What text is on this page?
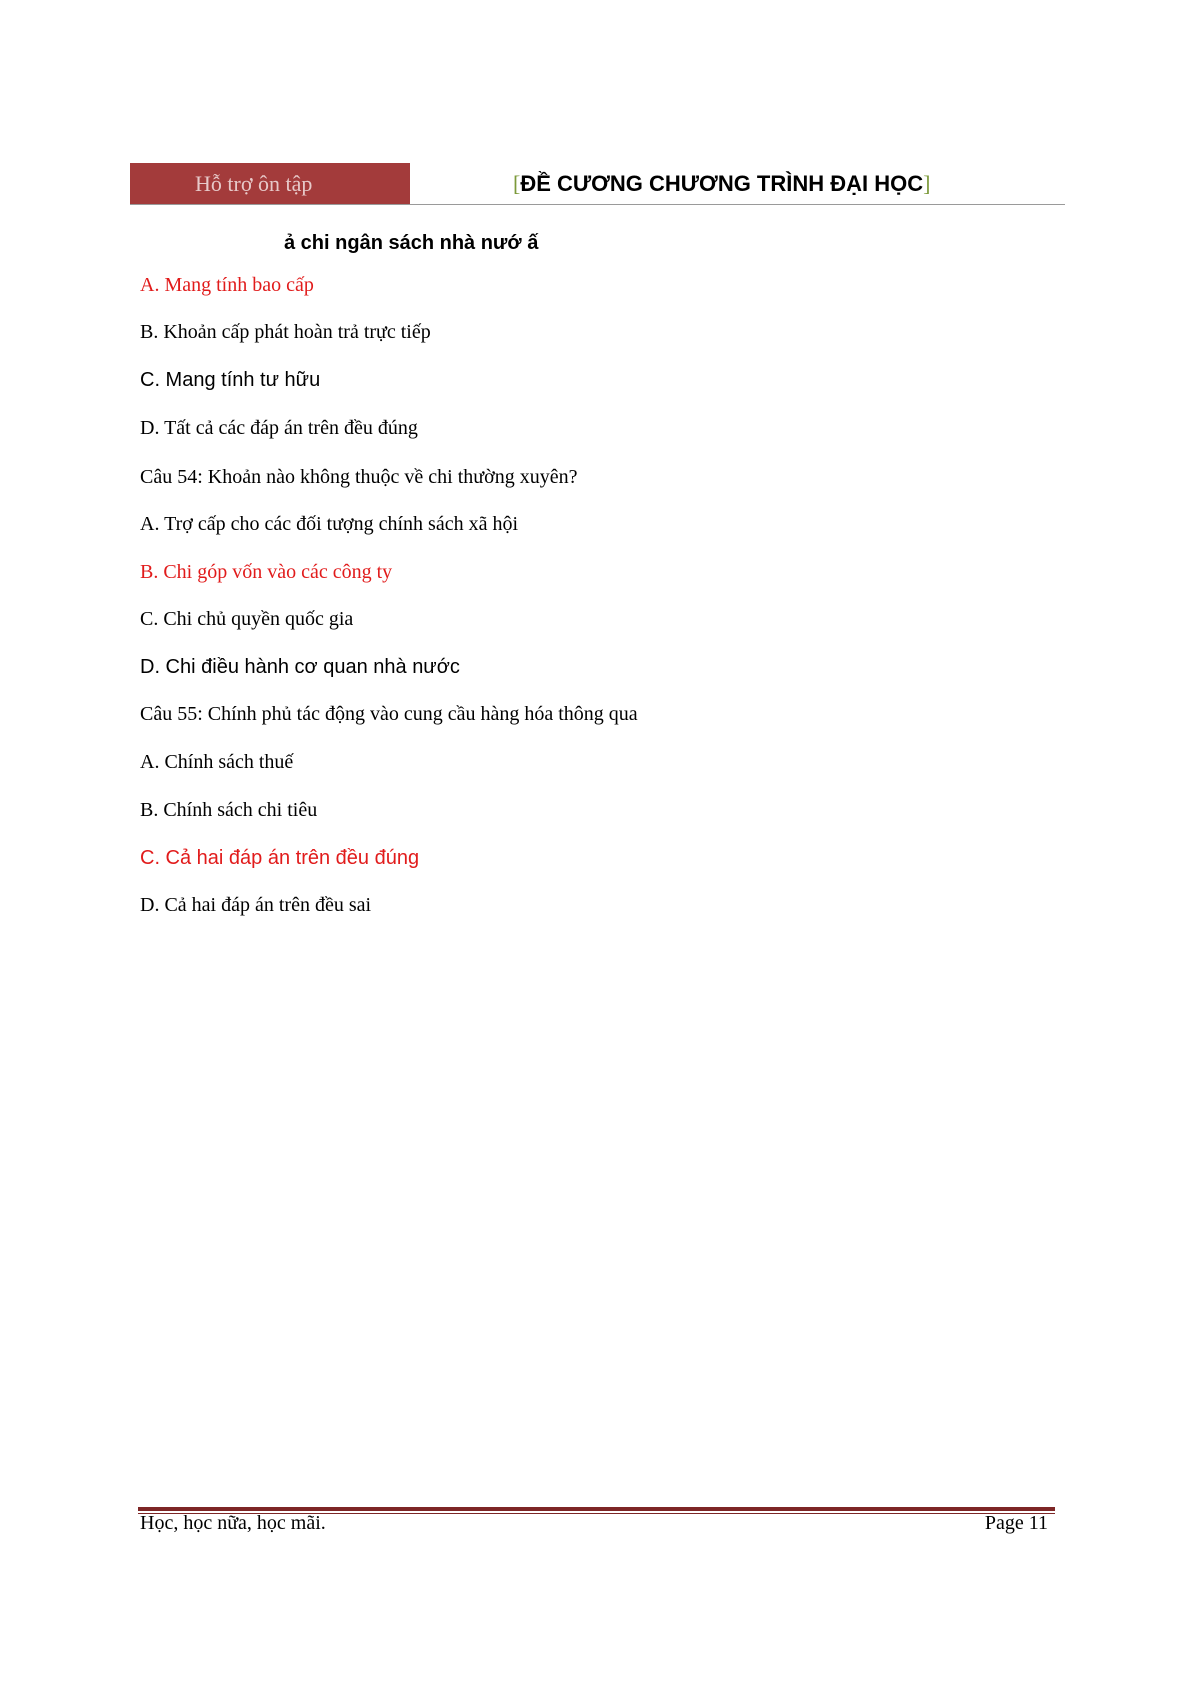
Hỗ trợ ôn tập	[ĐỀ CƯƠNG CHƯƠNG TRÌNH ĐẠI HỌC]
ả chi ngân sách nhà nướ ấ
A. Mang tính bao cấp
B. Khoản cấp phát hoàn trả trực tiếp
C. Mang tính tư hữu
D. Tất cả các đáp án trên đều đúng
Câu 54: Khoản nào không thuộc về chi thường xuyên?
A. Trợ cấp cho các đối tượng chính sách xã hội
B. Chi góp vốn vào các công ty
C. Chi chủ quyền quốc gia
D. Chi điều hành cơ quan nhà nước
Câu 55: Chính phủ tác động vào cung cầu hàng hóa thông qua
A. Chính sách thuế
B. Chính sách chi tiêu
C. Cả hai đáp án trên đều đúng
D. Cả hai đáp án trên đều sai
Học, học nữa, học mãi.	Page 11
